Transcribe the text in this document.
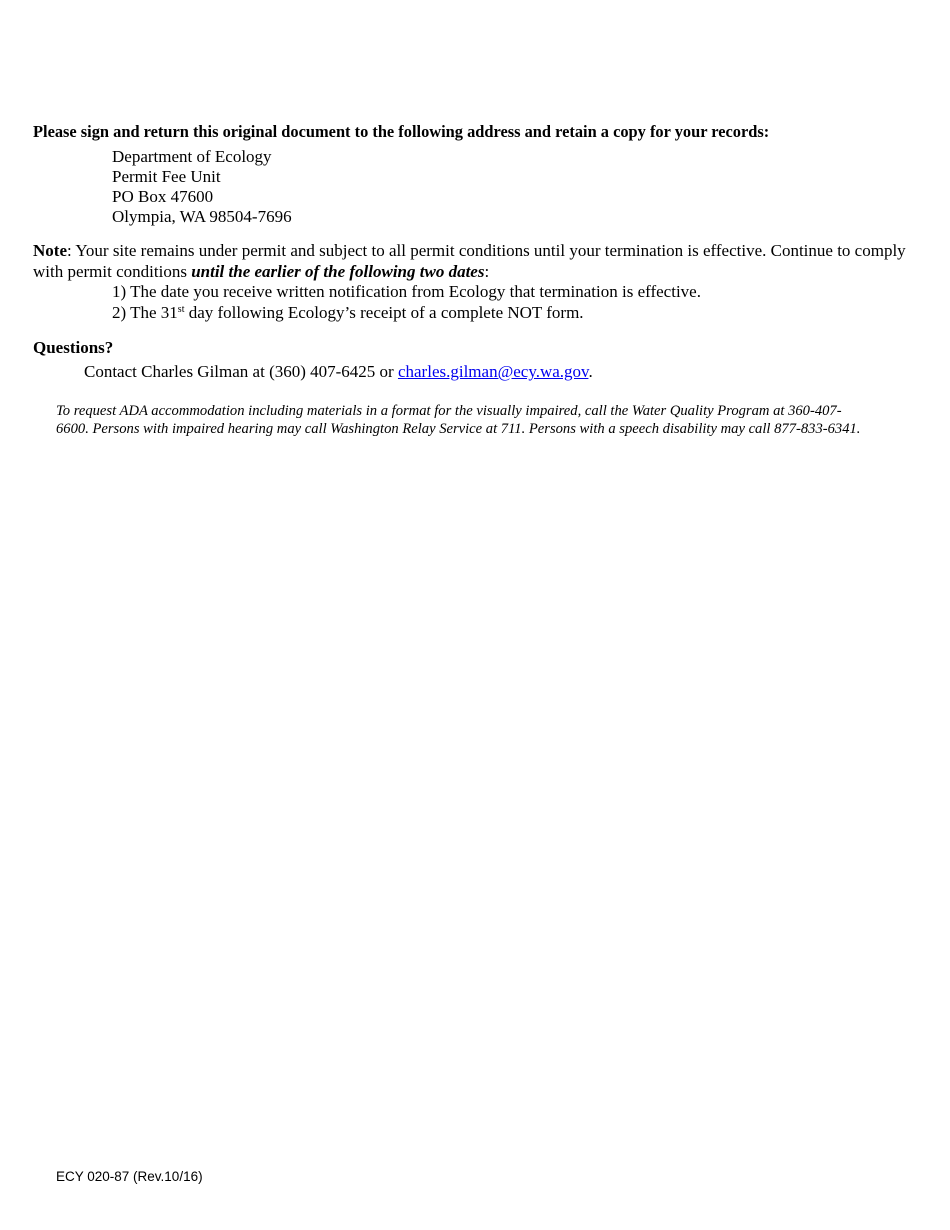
Please sign and return this original document to the following address and retain a copy for your records:
Department of Ecology
Permit Fee Unit
PO Box 47600
Olympia, WA 98504-7696
Note: Your site remains under permit and subject to all permit conditions until your termination is effective. Continue to comply with permit conditions until the earlier of the following two dates:
1) The date you receive written notification from Ecology that termination is effective.
2) The 31st day following Ecology’s receipt of a complete NOT form.
Questions?
Contact Charles Gilman at (360) 407-6425 or charles.gilman@ecy.wa.gov.
To request ADA accommodation including materials in a format for the visually impaired, call the Water Quality Program at 360-407-6600. Persons with impaired hearing may call Washington Relay Service at 711. Persons with a speech disability may call 877-833-6341.
ECY 020-87 (Rev.10/16)
